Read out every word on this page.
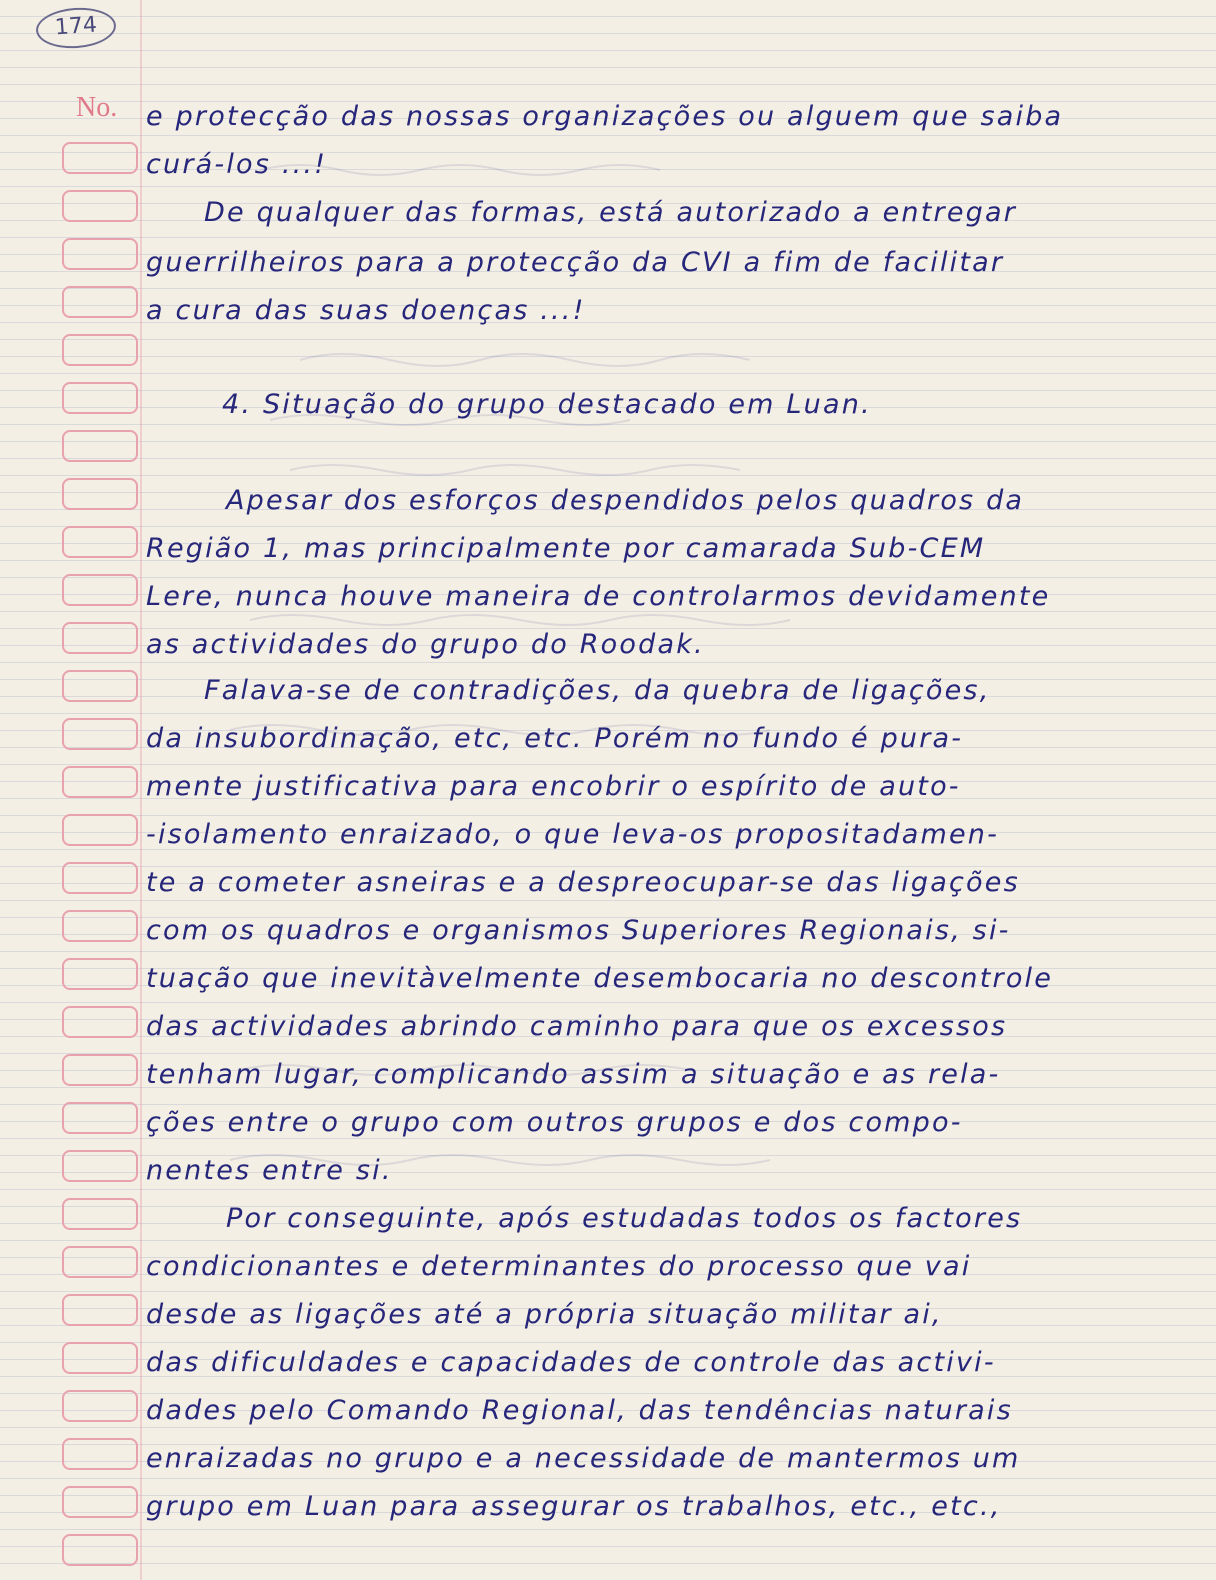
174
No. e protecção das nossas organizações ou alguem que saiba
curá-los ...!
De qualquer das formas, está autorizado a entregar
guerrilheiros para a protecção da CVI a fim de facilitar
a cura das suas doenças ...!
4. Situação do grupo destacado em Luan.
Apesar dos esforços despendidos pelos quadros da
Região 1, mas principalmente por camarada Sub-CEM
Lere, nunca houve maneira de controlarmos devidamente
as actividades do grupo do Roodak.
Falava-se de contradições, da quebra de ligações,
da insubordinação, etc, etc. Porém no fundo é pura-
mente justificativa para encobrir o espírito de auto-
-isolamento enraizado, o que leva-os propositadamen-
te a cometer asneiras e a despreocupar-se das ligações
com os quadros e organismos Superiores Regionais, si-
tuação que inevitàvelmente desembocaria no descontrole
das actividades abrindo caminho para que os excessos
tenham lugar, complicando assim a situação e as rela-
ções entre o grupo com outros grupos e dos compo-
nentes entre si.
Por conseguinte, após estudadas todos os factores
condicionantes e determinantes do processo que vai
desde as ligações até a própria situação militar ai,
das dificuldades e capacidades de controle das activi-
dades pelo Comando Regional, das tendências naturais
enraizadas no grupo e a necessidade de mantermos um
grupo em Luan para assegurar os trabalhos, etc., etc.,
